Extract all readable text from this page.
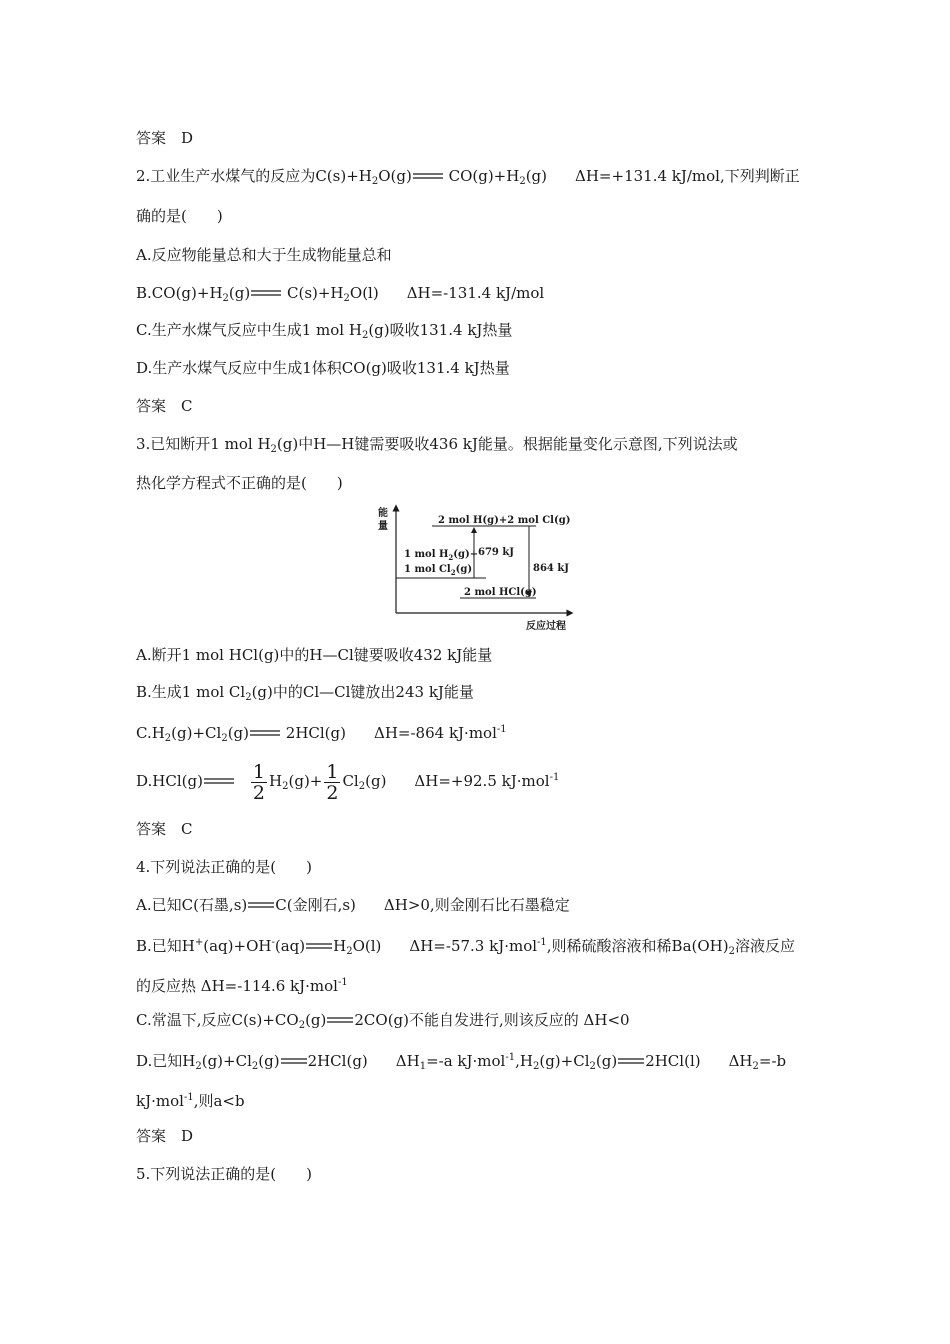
答案　D
2.工业生产水煤气的反应为$C(s)+H_2O(g)$ $CO(g)+H_2(g)$ ΔH=+131.4 kJ/mol,下列判断正
确的是(　　)
A.反应物能量总和大于生成物能量总和
$B.CO(g)+H_2(g)$ $C(s)+H_2O(l)$ ΔH=-131.4 kJ/mol
C.生产水煤气反应中生成1 mol $H_2(g)$吸收131.4 kJ热量
D.生产水煤气反应中生成1体积CO(g)吸收131.4 kJ热量
答案　C
3.已知断开1 mol $H_2(g)$中H—H键需要吸收436 kJ能量。根据能量变化示意图,下列说法或
热化学方程式不正确的是(　　)
能
量
反应过程
2 mol H(g)+2 mol Cl(g)
1 mol $H_2(g)+$
1 mol $Cl_2(g)$
679 kJ
2 mol HCl(g)
864 kJ
A.断开1 mol HCl(g)中的H—Cl键要吸收432 kJ能量
B.生成1 mol $Cl_2(g)$中的Cl—Cl键放出243 kJ能量
$C.H_2(g)+Cl_2(g)$ 2HCl(g) ΔH=-864 kJ·mol$^{-1}$
D.HCl(g)	$\frac{1}{2} H_2(g)+ \frac{1}{2} Cl_2(g)$ ΔH=+92.5 kJ·mol$^{-1}$
答案　C
4.下列说法正确的是(　　)
A.已知C(石墨,s) C(金刚石,s) ΔH>0,则金刚石比石墨稳定
B.已知H+(aq)+OH-(aq) $H_2O(l)$ ΔH=-57.3 kJ·mol$^{-1}$,则稀硫酸溶液和稀$Ba(OH)_2$溶液反应
的反应热 ΔH=-114.6 kJ·mol$^{-1}$
C.常温下,反应$C(s)+CO_2(g)$ 2CO(g)不能自发进行,则该反应的 ΔH<0
D.已知$H_2(g)+Cl_2(g)$ 2HCl(g) $\Delta H_1=-a$ $kJ\cdot mol^{-1},H_2(g)+Cl_2(g)$ 2HCl(l) $\Delta H_2=-b$
kJ·mol$^{-1}$,则a<b
答案　D
5.下列说法正确的是(　　)
